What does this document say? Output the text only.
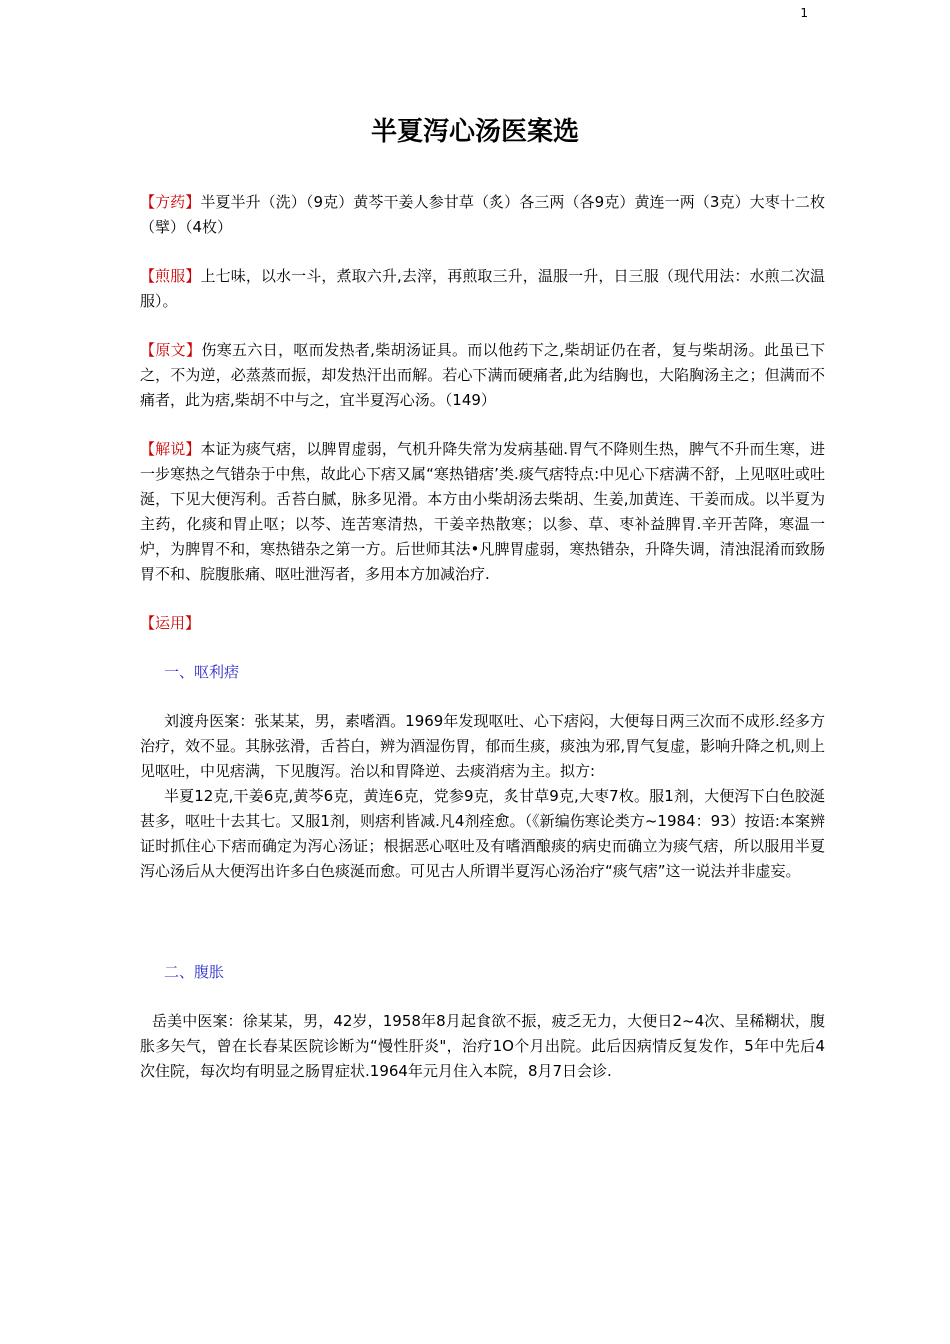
1
半夏泻心汤医案选

【方药】半夏半升（洗）（9克）黄芩干姜人参甘草（炙）各三两（各9克）黄连一两（3克）大枣十二枚（擘）（4枚）

【煎服】上七味，以水一斗，煮取六升,去滓，再煎取三升，温服一升，日三服（现代用法：水煎二次温服）。

【原文】伤寒五六日，呕而发热者,柴胡汤证具。而以他药下之,柴胡证仍在者，复与柴胡汤。此虽已下之，不为逆，必蒸蒸而振，却发热汗出而解。若心下满而硬痛者,此为结胸也，大陷胸汤主之；但满而不痛者，此为痞,柴胡不中与之，宜半夏泻心汤。（149）

【解说】本证为痰气痞，以脾胃虚弱，气机升降失常为发病基础.胃气不降则生热，脾气不升而生寒，进一步寒热之气错杂于中焦，故此心下痞又属“寒热错痞’类.痰气痞特点:中见心下痞满不舒，上见呕吐或吐涎，下见大便泻利。舌苔白腻，脉多见滑。本方由小柴胡汤去柴胡、生姜,加黄连、干姜而成。以半夏为主药，化痰和胃止呕；以芩、连苦寒清热，干姜辛热散寒；以参、草、枣补益脾胃.辛开苦降，寒温一炉，为脾胃不和，寒热错杂之第一方。后世师其法•凡脾胃虚弱，寒热错杂，升降失调，清浊混淆而致肠胃不和、脘腹胀痛、呕吐泄泻者，多用本方加减治疗.

【运用】

一、呕利痞

刘渡舟医案：张某某，男，素嗜酒。1969年发现呕吐、心下痞闷，大便每日两三次而不成形.经多方治疗，效不显。其脉弦滑，舌苔白，辨为酒湿伤胃，郁而生痰，痰浊为邪,胃气复虚，影响升降之机,则上见呕吐，中见痞满，下见腹泻。治以和胃降逆、去痰消痞为主。拟方:

半夏12克,干姜6克,黄芩6克，黄连6克，党参9克，炙甘草9克,大枣7枚。服1剂，大便泻下白色胶涎甚多，呕吐十去其七。又服1剂，则痞利皆减.凡4剂痊愈。（《新编伤寒论类方~1984：93）按语:本案辨证时抓住心下痞而确定为泻心汤证；根据恶心呕吐及有嗜酒酿痰的病史而确立为痰气痞，所以服用半夏泻心汤后从大便泻出许多白色痰涎而愈。可见古人所谓半夏泻心汤治疗“痰气痞”这一说法并非虚妄。

二、腹胀

岳美中医案：徐某某，男，42岁，1958年8月起食欲不振，疲乏无力，大便日2~4次、呈稀糊状，腹胀多矢气，曾在长春某医院诊断为“慢性肝炎"，治疗1O个月出院。此后因病情反复发作，5年中先后4次住院，每次均有明显之肠胃症状.1964年元月住入本院，8月7日会诊.
